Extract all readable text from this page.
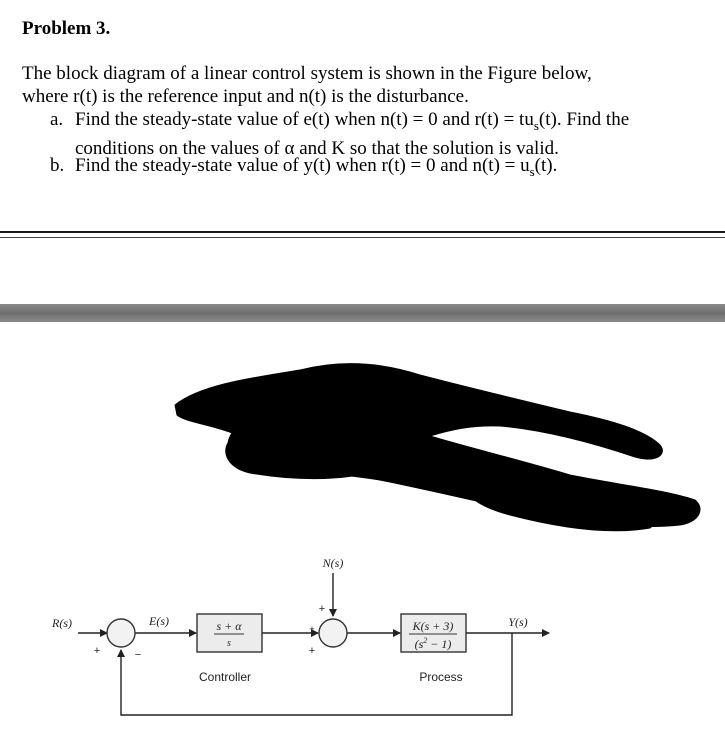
Problem 3.

The block diagram of a linear control system is shown in the Figure below,
where r(t) is the reference input and n(t) is the disturbance.

a. Find the steady-state value of e(t) when n(t) = 0 and $r(t) = tu_s(t)$. Find the
conditions on the values of α and K so that the solution is valid.
b. Find the steady-state value of y(t) when r(t) = 0 and $n(t) = u_s(t)$.
s + α
s
Controller
K(s + 3)
$(s^2 - 1)$
Process
R(s)	E(s)
N(s)
Y(s)
+	−
+
+
+
